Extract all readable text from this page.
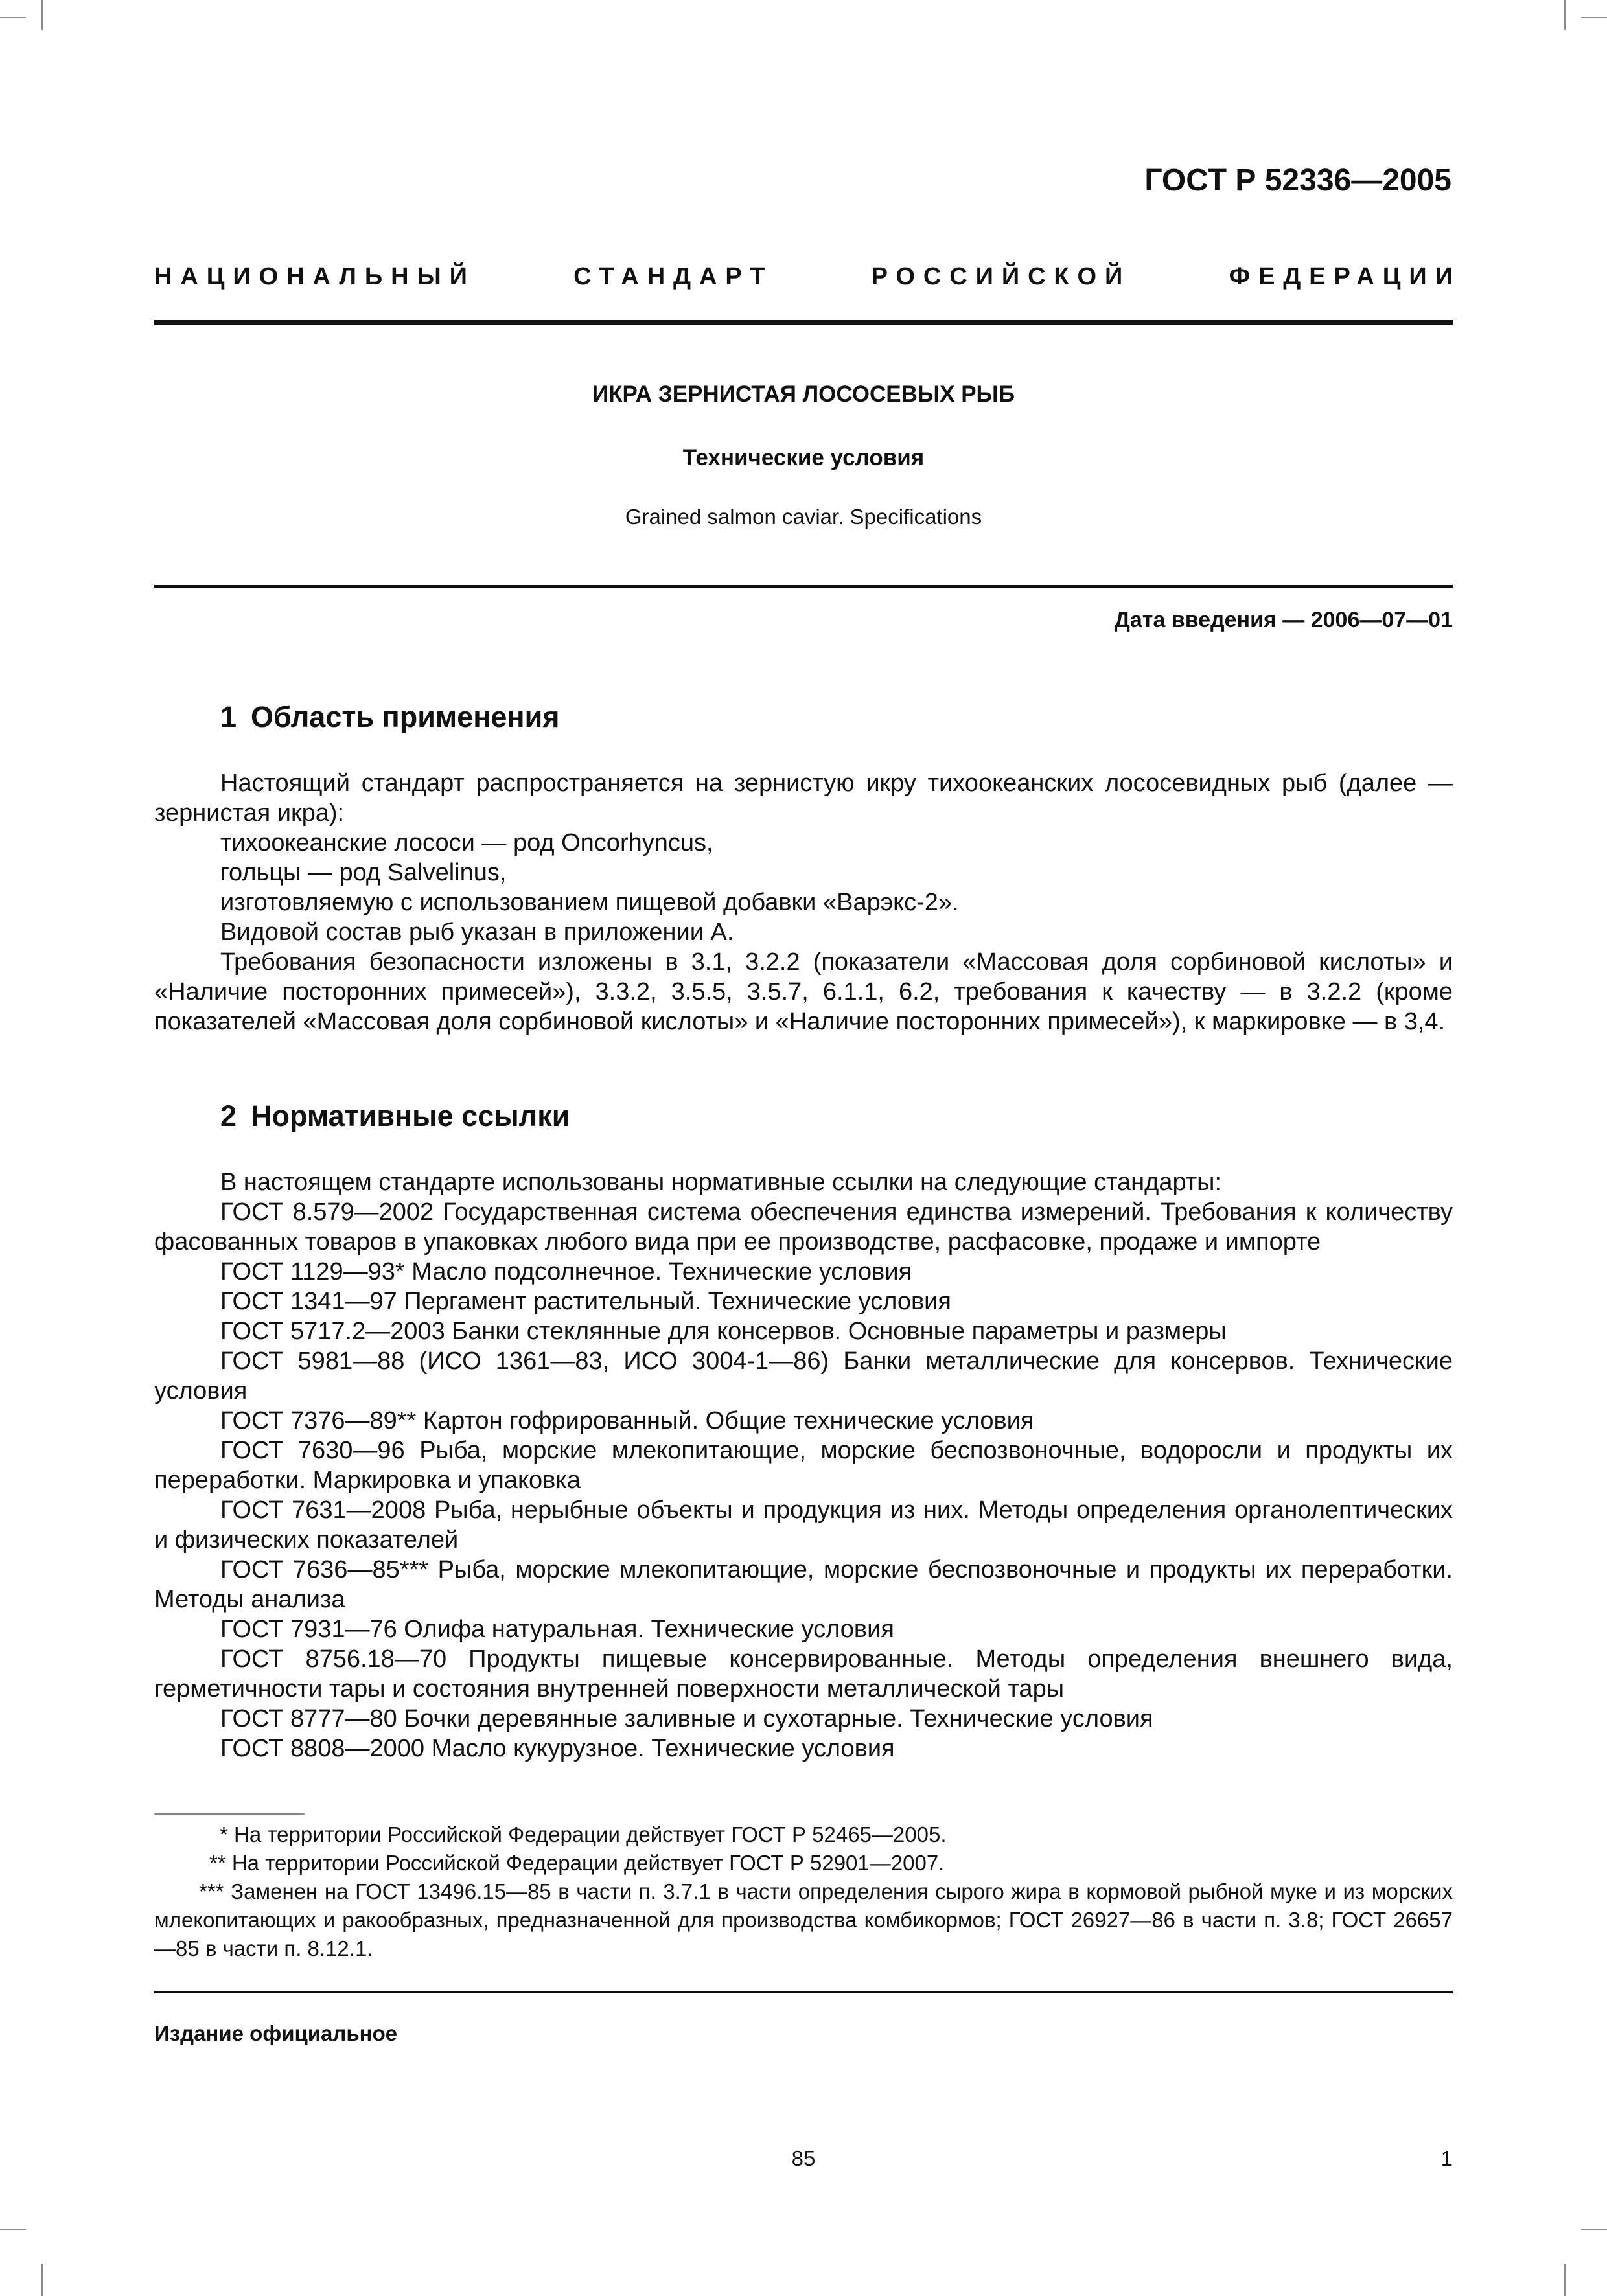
ГОСТ Р 52336—2005
НАЦИОНАЛЬНЫЙ	СТАНДАРТ	РОССИЙСКОЙ	ФЕДЕРАЦИИ
ИКРА ЗЕРНИСТАЯ ЛОСОСЕВЫХ РЫБ
Технические условия
Grained salmon caviar. Specifications
Дата введения — 2006—07—01
1 Область применения

Настоящий стандарт распространяется на зернистую икру тихоокеанских лососевидных рыб (далее — зернистая икра):

тихоокеанские лососи — род Oncorhyncus,

гольцы — род Salvelinus,

изготовляемую с использованием пищевой добавки «Варэкс-2».

Видовой состав рыб указан в приложении А.

Требования безопасности изложены в 3.1, 3.2.2 (показатели «Массовая доля сорбиновой кислоты» и «Наличие посторонних примесей»), 3.3.2, 3.5.5, 3.5.7, 6.1.1, 6.2, требования к качеству — в 3.2.2 (кроме показателей «Массовая доля сорбиновой кислоты» и «Наличие посторонних примесей»), к маркировке — в 3,4.

2 Нормативные ссылки

В настоящем стандарте использованы нормативные ссылки на следующие стандарты:

ГОСТ 8.579—2002 Государственная система обеспечения единства измерений. Требования к количеству фасованных товаров в упаковках любого вида при ее производстве, расфасовке, продаже и импорте

ГОСТ 1129—93* Масло подсолнечное. Технические условия

ГОСТ 1341—97 Пергамент растительный. Технические условия

ГОСТ 5717.2—2003 Банки стеклянные для консервов. Основные параметры и размеры

ГОСТ 5981—88 (ИСО 1361—83, ИСО 3004-1—86) Банки металлические для консервов. Технические условия

ГОСТ 7376—89** Картон гофрированный. Общие технические условия

ГОСТ 7630—96 Рыба, морские млекопитающие, морские беспозвоночные, водоросли и продукты их переработки. Маркировка и упаковка

ГОСТ 7631—2008 Рыба, нерыбные объекты и продукция из них. Методы определения органолептических и физических показателей

ГОСТ 7636—85*** Рыба, морские млекопитающие, морские беспозвоночные и продукты их переработки. Методы анализа

ГОСТ 7931—76 Олифа натуральная. Технические условия

ГОСТ 8756.18—70 Продукты пищевые консервированные. Методы определения внешнего вида, герметичности тары и состояния внутренней поверхности металлической тары

ГОСТ 8777—80 Бочки деревянные заливные и сухотарные. Технические условия

ГОСТ 8808—2000 Масло кукурузное. Технические условия

* На территории Российской Федерации действует ГОСТ Р 52465—2005.

** На территории Российской Федерации действует ГОСТ Р 52901—2007.

*** Заменен на ГОСТ 13496.15—85 в части п. 3.7.1 в части определения сырого жира в кормовой рыбной муке и из морских млекопитающих и ракообразных, предназначенной для производства комбикормов; ГОСТ 26927—86 в части п. 3.8; ГОСТ 26657—85 в части п. 8.12.1.

Издание официальное
85	1
